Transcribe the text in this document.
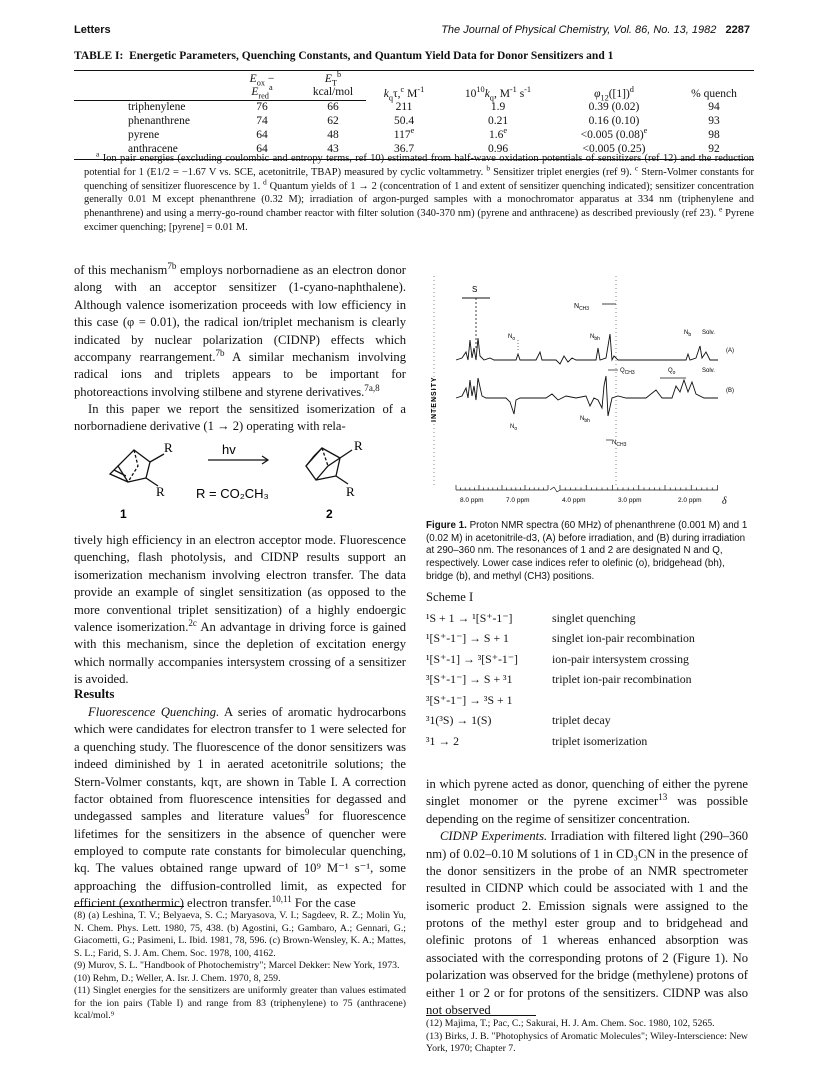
Letters	The Journal of Physical Chemistry, Vol. 86, No. 13, 1982 2287
TABLE I: Energetic Parameters, Quenching Constants, and Quantum Yield Data for Donor Sensitizers and 1
	$E_{ox}$ −	$E_T^b$	$k_q\tau,^c$ $M^{-1}$	$10^{10}k_q$, $M^{-1}$ $s^{-1}$	$\varphi_{12}([1])^d$	% quench
	$E_{red}^a$	kcal/mol				
triphenylene	76	66	211	1.9	0.39 (0.02)	94
phenanthrene	74	62	50.4	0.21	0.16 (0.10)	93
pyrene	64	48	117e	1.6$^e$	<0.005 $(0.08)^e$	98
anthracene	64	43	36.7	0.96	<0.005 (0.25)	92
$^a$ Ion pair energies (excluding coulombic and entropy terms, ref 10) estimated from half-wave oxidation potentials of sensitizers (ref 12) and the reduction potential for 1 (E1/2 = −1.67 V vs. SCE, acetonitrile, TBAP) measured by cyclic voltammetry. $^b$ Sensitizer triplet energies (ref 9). $^c$ Stern-Volmer constants for quenching of sensitizer fluorescence by 1. $^d$ Quantum yields of 1 → 2 (concentration of 1 and extent of sensitizer quenching indicated); sensitizer concentration generally 0.01 M except phenanthrene (0.32 M); irradiation of argon-purged samples with a monochromator apparatus at 334 nm (triphenylene and phenanthrene) and using a merry-go-round chamber reactor with filter solution (340-370 nm) (pyrene and anthracene) as described previously (ref 23). $^e$ Pyrene excimer quenching; [pyrene] = 0.01 M.

of this mechanism$^{7b}$ employs norbornadiene as an electron donor along with an acceptor sensitizer (1-cyano-naphthalene). Although valence isomerization proceeds with low efficiency in this case (φ = 0.01), the radical ion/triplet mechanism is clearly indicated by nuclear polarization (CIDNP) effects which accompany rearrangement.$^{7b}$ A similar mechanism involving radical ions and triplets appears to be important for photoreactions involving stilbene and styrene derivatives.$^{7a,8}$

In this paper we report the sensitized isomerization of a norbornadiene derivative (1 → 2) operating with rela-

R
R
hv	R
R
R = CO₂CH₃
1	2

tively high efficiency in an electron acceptor mode. Fluorescence quenching, flash photolysis, and CIDNP results support an isomerization mechanism involving electron transfer. The data provide an example of singlet sensitization (as opposed to the more conventional triplet sensitization) of a highly endoergic valence isomerization.$^{2c}$ An advantage in driving force is gained with this mechanism, since the depletion of excitation energy which normally accompanies intersystem crossing of a sensitizer is avoided.

Results

Fluorescence Quenching. A series of aromatic hydrocarbons which were candidates for electron transfer to 1 were selected for a quenching study. The fluorescence of the donor sensitizers was indeed diminished by 1 in aerated acetonitrile solutions; the Stern-Volmer constants, kqτ, are shown in Table I. A correction factor obtained from fluorescence intensities for degassed and undegassed samples and literature values$^9$ for fluorescence lifetimes for the sensitizers in the absence of quencher were employed to compute rate constants for bimolecular quenching, kq. The values obtained range upward of 10⁹ M⁻¹ s⁻¹, some approaching the diffusion-controlled limit, as expected for efficient (exothermic) electron transfer.$^{10,11}$ For the case

(8) (a) Leshina, T. V.; Belyaeva, S. C.; Maryasova, V. I.; Sagdeev, R. Z.; Molin Yu, N. Chem. Phys. Lett. 1980, 75, 438. (b) Agostini, G.; Gambaro, A.; Gennari, G.; Giacometti, G.; Pasimeni, L. Ibid. 1981, 78, 596. (c) Brown-Wensley, K. A.; Mattes, S. L.; Farid, S. J. Am. Chem. Soc. 1978, 100, 4162.

(9) Murov, S. L. "Handbook of Photochemistry"; Marcel Dekker: New York, 1973.

(10) Rehm, D.; Weller, A. Isr. J. Chem. 1970, 8, 259.

(11) Singlet energies for the sensitizers are uniformly greater than values estimated for the ion pairs (Table I) and range from 83 (triphenylene) to 75 (anthracene) kcal/mol.⁹

S
$N_{CH3}$
$N_o$	$N_{bh}$
$N_b$ Solv.
(A)
INTENSITY
$Q_{CH3}$	$Q_o$	Solv.
(B)
$N_o$
$N_{bh}$
$N_{CH3}$
8.0 ppm	7.0 ppm	4.0 ppm	3.0 ppm	2.0 ppm δ
Figure 1. Proton NMR spectra (60 MHz) of phenanthrene (0.001 M) and 1 (0.02 M) in acetonitrile-d3, (A) before irradiation, and (B) during irradiation at 290–360 nm. The resonances of 1 and 2 are designated N and Q, respectively. Lower case indices refer to olefinic (o), bridgehead (bh), bridge (b), and methyl (CH3) positions.
Scheme I
¹S + 1 → ¹[S⁺-1⁻]	singlet quenching
¹[S⁺-1⁻] → S + 1	singlet ion-pair recombination
¹[S⁺-1] → ³[S⁺-1⁻]	ion-pair intersystem crossing
³[S⁺-1⁻] → S + ³1	triplet ion-pair recombination
³[S⁺-1⁻] → ³S + 1
³1(³S) → 1(S)	triplet decay
³1 → 2	triplet isomerization

in which pyrene acted as donor, quenching of either the pyrene singlet monomer or the pyrene excimer$^{13}$ was possible depending on the regime of sensitizer concentration.

CIDNP Experiments. Irradiation with filtered light (290–360 nm) of 0.02–0.10 M solutions of 1 in CD₃CN in the presence of the donor sensitizers in the probe of an NMR spectrometer resulted in CIDNP which could be associated with 1 and the isomeric product 2. Emission signals were assigned to the protons of the methyl ester group and to bridgehead and olefinic protons of 1 whereas enhanced absorption was associated with the corresponding protons of 2 (Figure 1). No polarization was observed for the bridge (methylene) protons of either 1 or 2 or for protons of the sensitizers. CIDNP was also not observed

(12) Majima, T.; Pac, C.; Sakurai, H. J. Am. Chem. Soc. 1980, 102, 5265.

(13) Birks, J. B. "Photophysics of Aromatic Molecules"; Wiley-Interscience: New York, 1970; Chapter 7.
